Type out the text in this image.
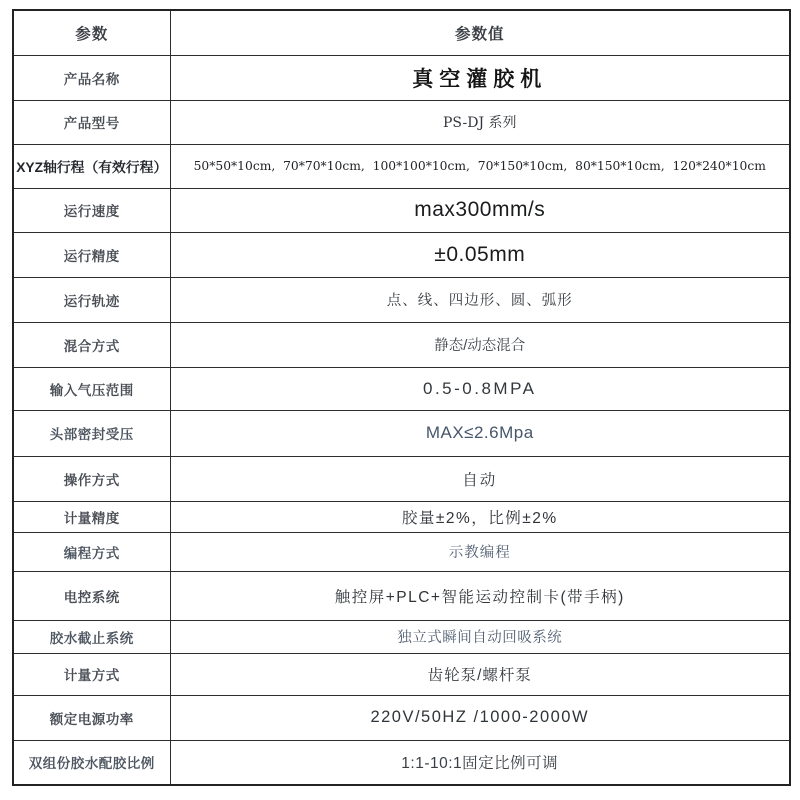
参数	参数值
产品名称	真空灌胶机
产品型号	PS-DJ 系列
XYZ轴行程（有效行程）	50*50*10cm,  70*70*10cm,  100*100*10cm,  70*150*10cm,  80*150*10cm,  120*240*10cm
运行速度	max300mm/s
运行精度	±0.05mm
运行轨迹	点、线、四边形、圆、弧形
混合方式	静态/动态混合
输入气压范围	0.5-0.8MPA
头部密封受压	MAX≤2.6Mpa
操作方式	自动
计量精度	胶量±2%，比例±2%
编程方式	示教编程
电控系统	触控屏+PLC+智能运动控制卡(带手柄)
胶水截止系统	独立式瞬间自动回吸系统
计量方式	齿轮泵/螺杆泵
额定电源功率	220V/50HZ /1000-2000W
双组份胶水配胶比例	1:1-10:1固定比例可调
